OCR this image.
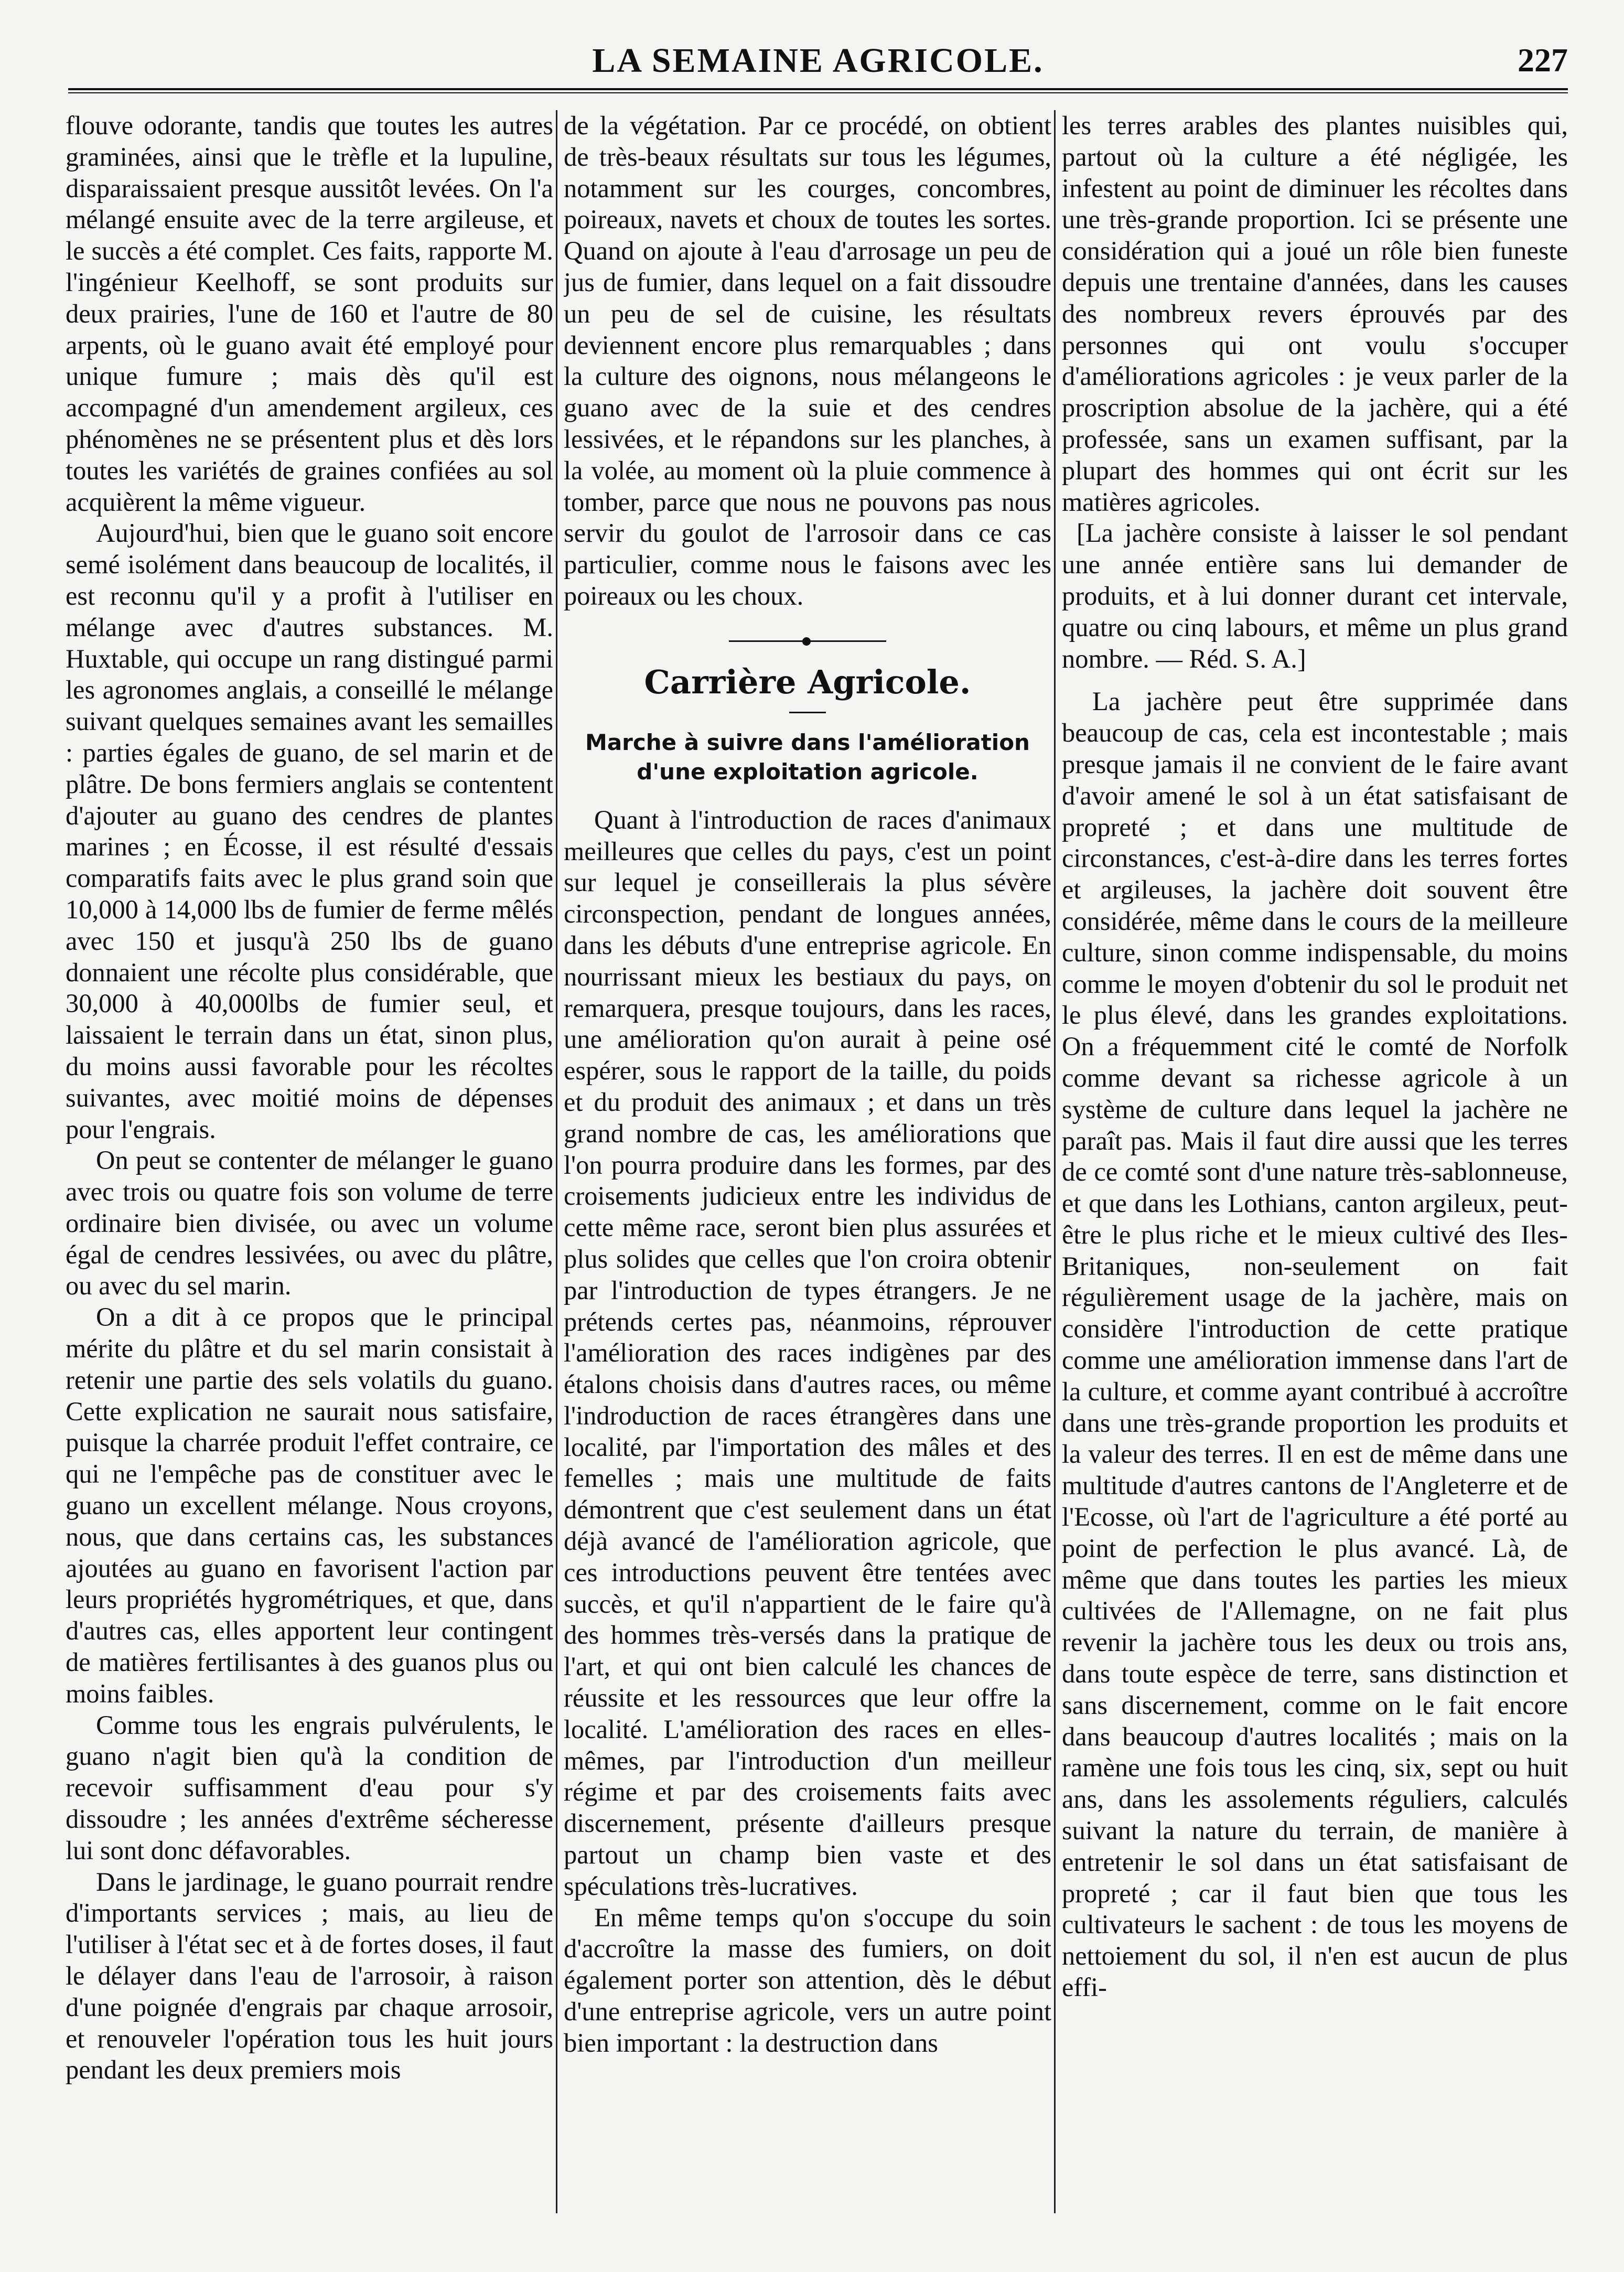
LA SEMAINE AGRICOLE.	227

flouve odorante, tandis que toutes les autres graminées, ainsi que le trèfle et la lupuline, disparaissaient presque aussitôt levées. On l'a mélangé ensuite avec de la terre argileuse, et le succès a été complet. Ces faits, rapporte M. l'ingénieur Keelhoff, se sont produits sur deux prairies, l'une de 160 et l'autre de 80 arpents, où le guano avait été employé pour unique fumure ; mais dès qu'il est accompagné d'un amendement argileux, ces phénomènes ne se présentent plus et dès lors toutes les variétés de graines confiées au sol acquièrent la même vigueur.

Aujourd'hui, bien que le guano soit encore semé isolément dans beaucoup de localités, il est reconnu qu'il y a profit à l'utiliser en mélange avec d'autres substances. M. Huxtable, qui occupe un rang distingué parmi les agronomes anglais, a conseillé le mélange suivant quelques semaines avant les semailles : parties égales de guano, de sel marin et de plâtre. De bons fermiers anglais se contentent d'ajouter au guano des cendres de plantes marines ; en Écosse, il est résulté d'essais comparatifs faits avec le plus grand soin que 10,000 à 14,000 lbs de fumier de ferme mêlés avec 150 et jusqu'à 250 lbs de guano donnaient une récolte plus considérable, que 30,000 à 40,000lbs de fumier seul, et laissaient le terrain dans un état, sinon plus, du moins aussi favorable pour les récoltes suivantes, avec moitié moins de dépenses pour l'engrais.

On peut se contenter de mélanger le guano avec trois ou quatre fois son volume de terre ordinaire bien divisée, ou avec un volume égal de cendres lessivées, ou avec du plâtre, ou avec du sel marin.

On a dit à ce propos que le principal mérite du plâtre et du sel marin consistait à retenir une partie des sels volatils du guano. Cette explication ne saurait nous satisfaire, puisque la charrée produit l'effet contraire, ce qui ne l'empêche pas de constituer avec le guano un excellent mélange. Nous croyons, nous, que dans certains cas, les substances ajoutées au guano en favorisent l'action par leurs propriétés hygrométriques, et que, dans d'autres cas, elles apportent leur contingent de matières fertilisantes à des guanos plus ou moins faibles.

Comme tous les engrais pulvérulents, le guano n'agit bien qu'à la condition de recevoir suffisamment d'eau pour s'y dissoudre ; les années d'extrême sécheresse lui sont donc défavorables.

Dans le jardinage, le guano pourrait rendre d'importants services ; mais, au lieu de l'utiliser à l'état sec et à de fortes doses, il faut le délayer dans l'eau de l'arrosoir, à raison d'une poignée d'engrais par chaque arrosoir, et renouveler l'opération tous les huit jours pendant les deux premiers mois

de la végétation. Par ce procédé, on obtient de très-beaux résultats sur tous les légumes, notamment sur les courges, concombres, poireaux, navets et choux de toutes les sortes. Quand on ajoute à l'eau d'arrosage un peu de jus de fumier, dans lequel on a fait dissoudre un peu de sel de cuisine, les résultats deviennent encore plus remarquables ; dans la culture des oignons, nous mélangeons le guano avec de la suie et des cendres lessivées, et le répandons sur les planches, à la volée, au moment où la pluie commence à tomber, parce que nous ne pouvons pas nous servir du goulot de l'arrosoir dans ce cas particulier, comme nous le faisons avec les poireaux ou les choux.

Carrière Agricole.
Marche à suivre dans l'amélioration d'une exploitation agricole.

Quant à l'introduction de races d'animaux meilleures que celles du pays, c'est un point sur lequel je conseillerais la plus sévère circonspection, pendant de longues années, dans les débuts d'une entreprise agricole. En nourrissant mieux les bestiaux du pays, on remarquera, presque toujours, dans les races, une amélioration qu'on aurait à peine osé espérer, sous le rapport de la taille, du poids et du produit des animaux ; et dans un très grand nombre de cas, les améliorations que l'on pourra produire dans les formes, par des croisements judicieux entre les individus de cette même race, seront bien plus assurées et plus solides que celles que l'on croira obtenir par l'introduction de types étrangers. Je ne prétends certes pas, néanmoins, réprouver l'amélioration des races indigènes par des étalons choisis dans d'autres races, ou même l'indroduction de races étrangères dans une localité, par l'importation des mâles et des femelles ; mais une multitude de faits démontrent que c'est seulement dans un état déjà avancé de l'amélioration agricole, que ces introductions peuvent être tentées avec succès, et qu'il n'appartient de le faire qu'à des hommes très-versés dans la pratique de l'art, et qui ont bien calculé les chances de réussite et les ressources que leur offre la localité. L'amélioration des races en elles-mêmes, par l'introduction d'un meilleur régime et par des croisements faits avec discernement, présente d'ailleurs presque partout un champ bien vaste et des spéculations très-lucratives.

En même temps qu'on s'occupe du soin d'accroître la masse des fumiers, on doit également porter son attention, dès le début d'une entreprise agricole, vers un autre point bien important : la destruction dans

les terres arables des plantes nuisibles qui, partout où la culture a été négligée, les infestent au point de diminuer les récoltes dans une très-grande proportion. Ici se présente une considération qui a joué un rôle bien funeste depuis une trentaine d'années, dans les causes des nombreux revers éprouvés par des personnes qui ont voulu s'occuper d'améliorations agricoles : je veux parler de la proscription absolue de la jachère, qui a été professée, sans un examen suffisant, par la plupart des hommes qui ont écrit sur les matières agricoles.

[La jachère consiste à laisser le sol pendant une année entière sans lui demander de produits, et à lui donner durant cet intervale, quatre ou cinq labours, et même un plus grand nombre. — Réd. S. A.]

La jachère peut être supprimée dans beaucoup de cas, cela est incontestable ; mais presque jamais il ne convient de le faire avant d'avoir amené le sol à un état satisfaisant de propreté ; et dans une multitude de circonstances, c'est-à-dire dans les terres fortes et argileuses, la jachère doit souvent être considérée, même dans le cours de la meilleure culture, sinon comme indispensable, du moins comme le moyen d'obtenir du sol le produit net le plus élevé, dans les grandes exploitations. On a fréquemment cité le comté de Norfolk comme devant sa richesse agricole à un système de culture dans lequel la jachère ne paraît pas. Mais il faut dire aussi que les terres de ce comté sont d'une nature très-sablonneuse, et que dans les Lothians, canton argileux, peut-être le plus riche et le mieux cultivé des Iles-Britaniques, non-seulement on fait régulièrement usage de la jachère, mais on considère l'introduction de cette pratique comme une amélioration immense dans l'art de la culture, et comme ayant contribué à accroître dans une très-grande proportion les produits et la valeur des terres. Il en est de même dans une multitude d'autres cantons de l'Angleterre et de l'Ecosse, où l'art de l'agriculture a été porté au point de perfection le plus avancé. Là, de même que dans toutes les parties les mieux cultivées de l'Allemagne, on ne fait plus revenir la jachère tous les deux ou trois ans, dans toute espèce de terre, sans distinction et sans discernement, comme on le fait encore dans beaucoup d'autres localités ; mais on la ramène une fois tous les cinq, six, sept ou huit ans, dans les assolements réguliers, calculés suivant la nature du terrain, de manière à entretenir le sol dans un état satisfaisant de propreté ; car il faut bien que tous les cultivateurs le sachent : de tous les moyens de nettoiement du sol, il n'en est aucun de plus effi-
